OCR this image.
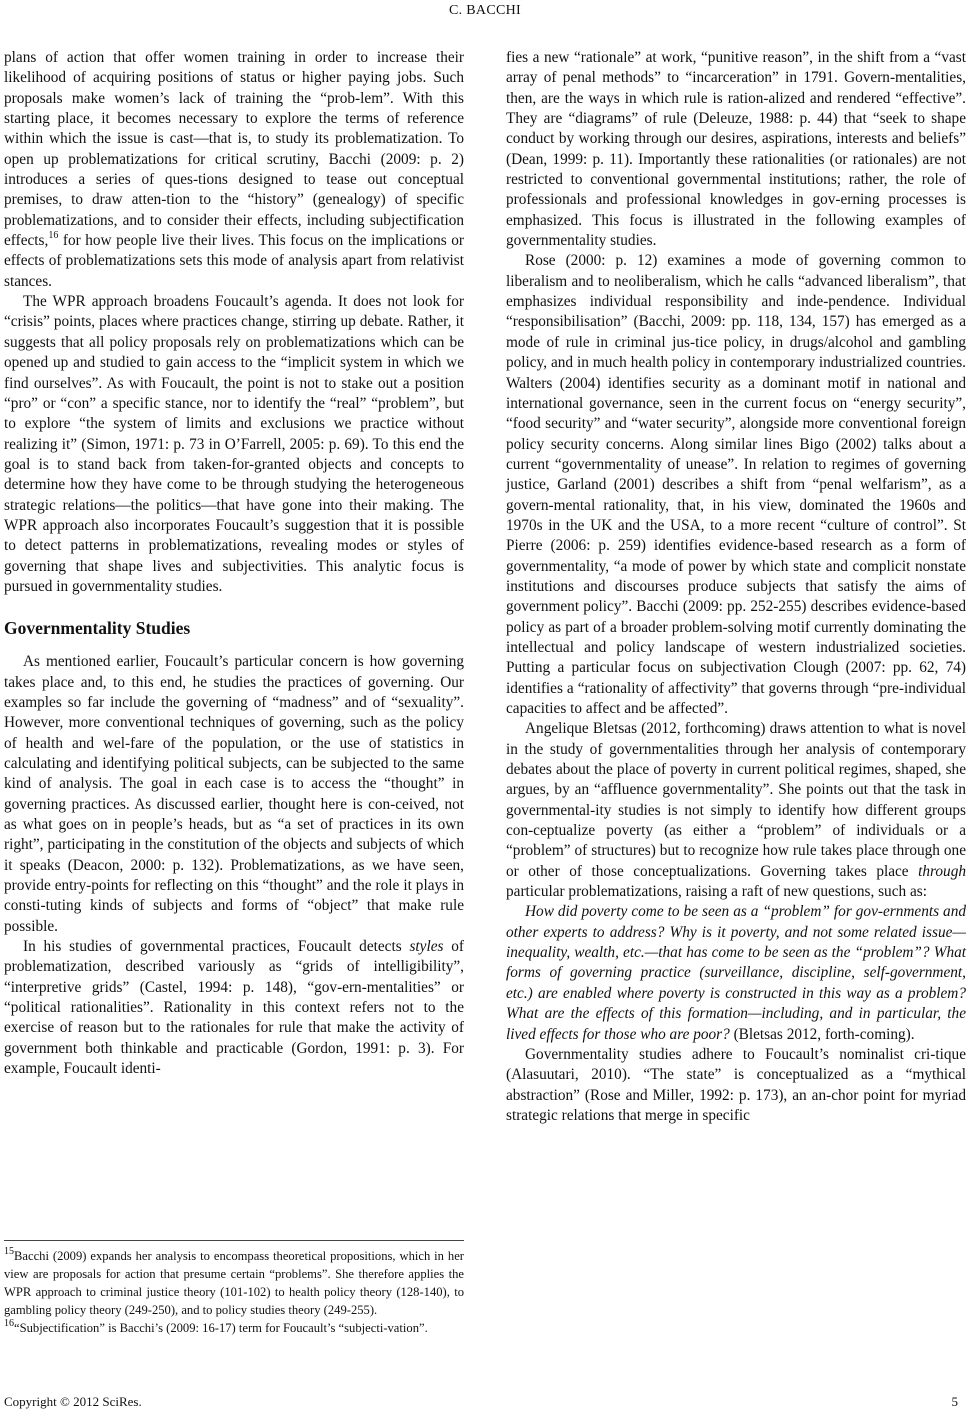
C. BACCHI

plans of action that offer women training in order to increase their likelihood of acquiring positions of status or higher paying jobs. Such proposals make women’s lack of training the “prob-lem”. With this starting place, it becomes necessary to explore the terms of reference within which the issue is cast—that is, to study its problematization. To open up problematizations for critical scrutiny, Bacchi (2009: p. 2) introduces a series of ques-tions designed to tease out conceptual premises, to draw atten-tion to the “history” (genealogy) of specific problematizations, and to consider their effects, including subjectification effects,$^{16}$ for how people live their lives. This focus on the implications or effects of problematizations sets this mode of analysis apart from relativist stances.

The WPR approach broadens Foucault’s agenda. It does not look for “crisis” points, places where practices change, stirring up debate. Rather, it suggests that all policy proposals rely on problematizations which can be opened up and studied to gain access to the “implicit system in which we find ourselves”. As with Foucault, the point is not to stake out a position “pro” or “con” a specific stance, nor to identify the “real” “problem”, but to explore “the system of limits and exclusions we practice without realizing it” (Simon, 1971: p. 73 in O’Farrell, 2005: p. 69). To this end the goal is to stand back from taken-for-granted objects and concepts to determine how they have come to be through studying the heterogeneous strategic relations—the politics—that have gone into their making. The WPR approach also incorporates Foucault’s suggestion that it is possible to detect patterns in problematizations, revealing modes or styles of governing that shape lives and subjectivities. This analytic focus is pursued in governmentality studies.

Governmentality Studies

As mentioned earlier, Foucault’s particular concern is how governing takes place and, to this end, he studies the practices of governing. Our examples so far include the governing of “madness” and of “sexuality”. However, more conventional techniques of governing, such as the policy of health and wel-fare of the population, or the use of statistics in calculating and identifying political subjects, can be subjected to the same kind of analysis. The goal in each case is to access the “thought” in governing practices. As discussed earlier, thought here is con-ceived, not as what goes on in people’s heads, but as “a set of practices in its own right”, participating in the constitution of the objects and subjects of which it speaks (Deacon, 2000: p. 132). Problematizations, as we have seen, provide entry-points for reflecting on this “thought” and the role it plays in consti-tuting kinds of subjects and forms of “object” that make rule possible.

In his studies of governmental practices, Foucault detects styles of problematization, described variously as “grids of intelligibility”, “interpretive grids” (Castel, 1994: p. 148), “gov-ern-mentalities” or “political rationalities”. Rationality in this context refers not to the exercise of reason but to the rationales for rule that make the activity of government both thinkable and practicable (Gordon, 1991: p. 3). For example, Foucault identi-

$^{15}$Bacchi (2009) expands her analysis to encompass theoretical propositions, which in her view are proposals for action that presume certain “problems”. She therefore applies the WPR approach to criminal justice theory (101-102) to health policy theory (128-140), to gambling policy theory (249-250), and to policy studies theory (249-255).

$^{16}$“Subjectification” is Bacchi’s (2009: 16-17) term for Foucault’s “subjecti-vation”.

fies a new “rationale” at work, “punitive reason”, in the shift from a “vast array of penal methods” to “incarceration” in 1791. Govern-mentalities, then, are the ways in which rule is ration-alized and rendered “effective”. They are “diagrams” of rule (Deleuze, 1988: p. 44) that “seek to shape conduct by working through our desires, aspirations, interests and beliefs” (Dean, 1999: p. 11). Importantly these rationalities (or rationales) are not restricted to conventional governmental institutions; rather, the role of professionals and professional knowledges in gov-erning processes is emphasized. This focus is illustrated in the following examples of governmentality studies.

Rose (2000: p. 12) examines a mode of governing common to liberalism and to neoliberalism, which he calls “advanced liberalism”, that emphasizes individual responsibility and inde-pendence. Individual “responsibilisation” (Bacchi, 2009: pp. 118, 134, 157) has emerged as a mode of rule in criminal jus-tice policy, in drugs/alcohol and gambling policy, and in much health policy in contemporary industrialized countries. Walters (2004) identifies security as a dominant motif in national and international governance, seen in the current focus on “energy security”, “food security” and “water security”, alongside more conventional foreign policy security concerns. Along similar lines Bigo (2002) talks about a current “governmentality of unease”. In relation to regimes of governing justice, Garland (2001) describes a shift from “penal welfarism”, as a govern-mental rationality, that, in his view, dominated the 1960s and 1970s in the UK and the USA, to a more recent “culture of control”. St Pierre (2006: p. 259) identifies evidence-based research as a form of governmentality, “a mode of power by which state and complicit nonstate institutions and discourses produce subjects that satisfy the aims of government policy”. Bacchi (2009: pp. 252-255) describes evidence-based policy as part of a broader problem-solving motif currently dominating the intellectual and policy landscape of western industrialized societies. Putting a particular focus on subjectivation Clough (2007: pp. 62, 74) identifies a “rationality of affectivity” that governs through “pre-individual capacities to affect and be affected”.

Angelique Bletsas (2012, forthcoming) draws attention to what is novel in the study of governmentalities through her analysis of contemporary debates about the place of poverty in current political regimes, shaped, she argues, by an “affluence governmentality”. She points out that the task in governmental-ity studies is not simply to identify how different groups con-ceptualize poverty (as either a “problem” of individuals or a “problem” of structures) but to recognize how rule takes place through one or other of those conceptualizations. Governing takes place through particular problematizations, raising a raft of new questions, such as:

How did poverty come to be seen as a “problem” for gov-ernments and other experts to address? Why is it poverty, and not some related issue—inequality, wealth, etc.—that has come to be seen as the “problem”? What forms of governing practice (surveillance, discipline, self-government, etc.) are enabled where poverty is constructed in this way as a problem? What are the effects of this formation—including, and in particular, the lived effects for those who are poor? (Bletsas 2012, forth-coming).

Governmentality studies adhere to Foucault’s nominalist cri-tique (Alasuutari, 2010). “The state” is conceptualized as a “mythical abstraction” (Rose and Miller, 1992: p. 173), an an-chor point for myriad strategic relations that merge in specific

Copyright © 2012 SciRes.	5
